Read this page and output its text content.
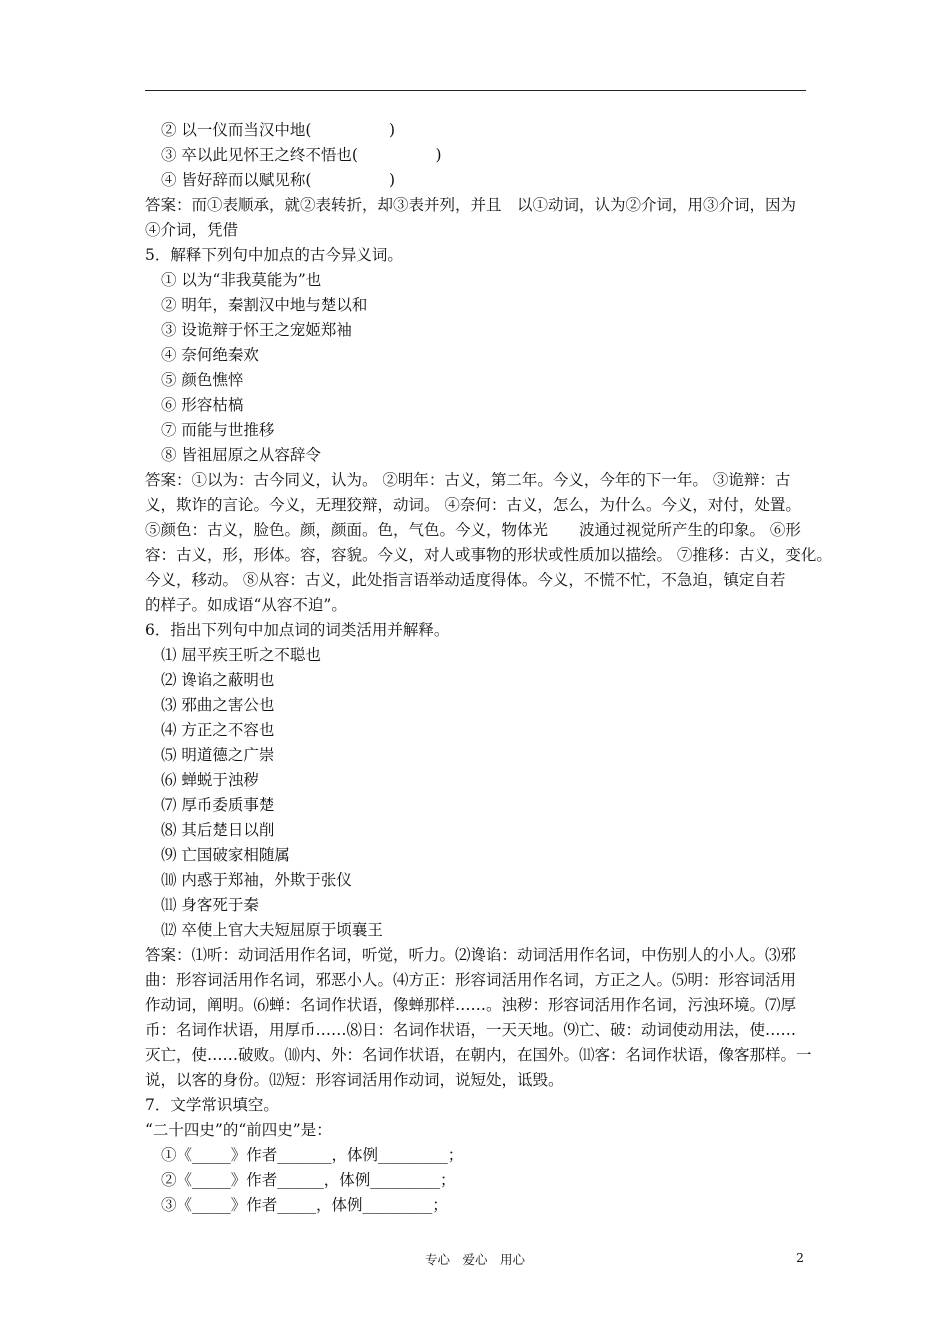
② 以一仪而当汉中地(　　　　　)
③ 卒以此见怀王之终不悟也(　　　　　)
④ 皆好辞而以赋见称(　　　　　)
答案：而①表顺承，就②表转折，却③表并列，并且　以①动词，认为②介词，用③介词，因为
④介词，凭借
5．解释下列句中加点的古今异义词。
① 以为“非我莫能为”也
② 明年，秦割汉中地与楚以和
③ 设诡辩于怀王之宠姬郑袖
④ 奈何绝秦欢
⑤ 颜色憔悴
⑥ 形容枯槁
⑦ 而能与世推移
⑧ 皆祖屈原之从容辞令
答案：①以为：古今同义，认为。 ②明年：古义，第二年。今义，今年的下一年。 ③诡辩：古
义，欺诈的言论。今义，无理狡辩，动词。 ④奈何：古义，怎么，为什么。今义，对付，处置。
⑤颜色：古义，脸色。颜，颜面。色，气色。今义，物体光　　波通过视觉所产生的印象。 ⑥形
容：古义，形，形体。容，容貌。今义，对人或事物的形状或性质加以描绘。 ⑦推移：古义，变化。
今义，移动。 ⑧从容：古义，此处指言语举动适度得体。今义，不慌不忙，不急迫，镇定自若
的样子。如成语“从容不迫”。
6．指出下列句中加点词的词类活用并解释。
⑴ 屈平疾王听之不聪也
⑵ 谗谄之蔽明也
⑶ 邪曲之害公也
⑷ 方正之不容也
⑸ 明道德之广崇
⑹ 蝉蜕于浊秽
⑺ 厚币委质事楚
⑻ 其后楚日以削
⑼ 亡国破家相随属
⑽ 内惑于郑袖，外欺于张仪
⑾ 身客死于秦
⑿ 卒使上官大夫短屈原于顷襄王
答案：⑴听：动词活用作名词，听觉，听力。⑵谗谄：动词活用作名词，中伤别人的小人。⑶邪
曲：形容词活用作名词，邪恶小人。⑷方正：形容词活用作名词，方正之人。⑸明：形容词活用
作动词，阐明。⑹蝉：名词作状语，像蝉那样……。浊秽：形容词活用作名词，污浊环境。⑺厚
币：名词作状语，用厚币……⑻日：名词作状语，一天天地。⑼亡、破：动词使动用法，使……
灭亡，使……破败。⑽内、外：名词作状语，在朝内，在国外。⑾客：名词作状语，像客那样。一
说，以客的身份。⑿短：形容词活用作动词，说短处，诋毁。
7．文学常识填空。
“二十四史”的“前四史”是：
①《_____》作者_______，体例_________；
②《_____》作者______，体例_________；
③《_____》作者_____，体例_________；
专心　爱心　用心	2
